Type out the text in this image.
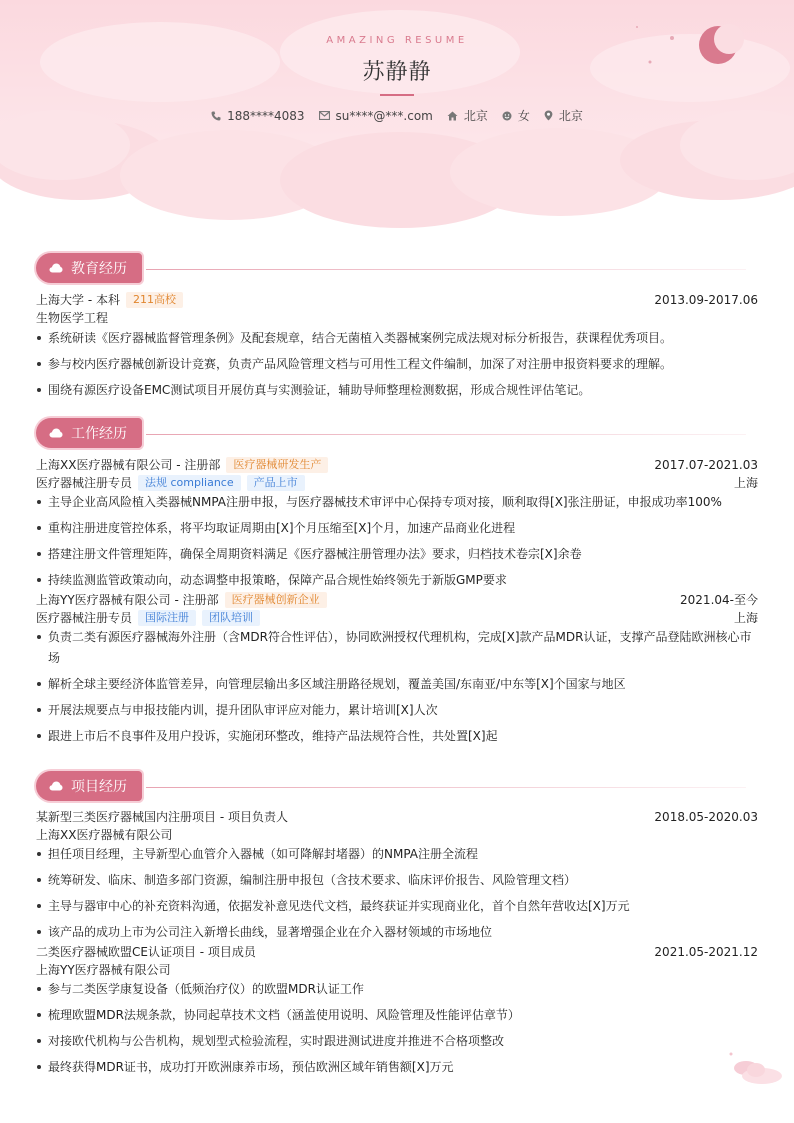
AMAZING RESUME
苏静静
188****4083	su****@***.com	北京	女 北京
教育经历
上海大学 - 本科	211高校	2013.09-2017.06
生物医学工程
系统研读《医疗器械监督管理条例》及配套规章，结合无菌植入类器械案例完成法规对标分析报告，获课程优秀项目。
参与校内医疗器械创新设计竞赛，负责产品风险管理文档与可用性工程文件编制，加深了对注册申报资料要求的理解。
围绕有源医疗设备EMC测试项目开展仿真与实测验证，辅助导师整理检测数据，形成合规性评估笔记。
工作经历
上海XX医疗器械有限公司 - 注册部	医疗器械研发生产	2017.07-2021.03
医疗器械注册专员	法规 compliance	产品上市	上海
主导企业高风险植入类器械NMPA注册申报，与医疗器械技术审评中心保持专项对接，顺利取得[X]张注册证，申报成功率100%
重构注册进度管控体系，将平均取证周期由[X]个月压缩至[X]个月，加速产品商业化进程
搭建注册文件管理矩阵，确保全周期资料满足《医疗器械注册管理办法》要求，归档技术卷宗[X]余卷
持续监测监管政策动向，动态调整申报策略，保障产品合规性始终领先于新版GMP要求
上海YY医疗器械有限公司 - 注册部	医疗器械创新企业	2021.04-至今
医疗器械注册专员	国际注册	团队培训	上海
负责二类有源医疗器械海外注册（含MDR符合性评估），协同欧洲授权代理机构，完成[X]款产品MDR认证，支撑产品登陆欧洲核心市场
解析全球主要经济体监管差异，向管理层输出多区域注册路径规划，覆盖美国/东南亚/中东等[X]个国家与地区
开展法规要点与申报技能内训，提升团队审评应对能力，累计培训[X]人次
跟进上市后不良事件及用户投诉，实施闭环整改，维持产品法规符合性，共处置[X]起
项目经历
某新型三类医疗器械国内注册项目 - 项目负责人	2018.05-2020.03
上海XX医疗器械有限公司
担任项目经理，主导新型心血管介入器械（如可降解封堵器）的NMPA注册全流程
统筹研发、临床、制造多部门资源，编制注册申报包（含技术要求、临床评价报告、风险管理文档）
主导与器审中心的补充资料沟通，依据发补意见迭代文档，最终获证并实现商业化，首个自然年营收达[X]万元
该产品的成功上市为公司注入新增长曲线，显著增强企业在介入器材领域的市场地位
二类医疗器械欧盟CE认证项目 - 项目成员	2021.05-2021.12
上海YY医疗器械有限公司
参与二类医学康复设备（低频治疗仪）的欧盟MDR认证工作
梳理欧盟MDR法规条款，协同起草技术文档（涵盖使用说明、风险管理及性能评估章节）
对接欧代机构与公告机构，规划型式检验流程，实时跟进测试进度并推进不合格项整改
最终获得MDR证书，成功打开欧洲康养市场，预估欧洲区域年销售额[X]万元
